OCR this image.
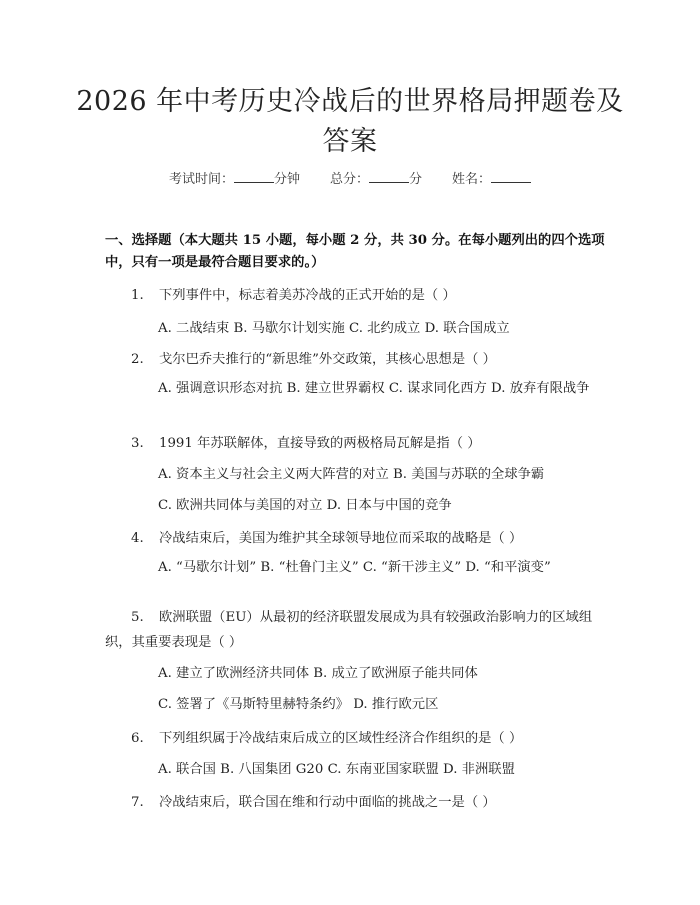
2026 年中考历史冷战后的世界格局押题卷及答案
考试时间：	分钟 总分：	分 姓名：
一、选择题（本大题共 15 小题，每小题 2 分，共 30 分。在每小题列出的四个选项中，只有一项是最符合题目要求的。）
1. 下列事件中，标志着美苏冷战的正式开始的是（ ）
A. 二战结束 B. 马歇尔计划实施 C. 北约成立 D. 联合国成立
2. 戈尔巴乔夫推行的“新思维”外交政策，其核心思想是（ ）
A. 强调意识形态对抗 B. 建立世界霸权 C. 谋求同化西方 D. 放弃有限战争
3. 1991 年苏联解体，直接导致的两极格局瓦解是指（ ）
A. 资本主义与社会主义两大阵营的对立 B. 美国与苏联的全球争霸
C. 欧洲共同体与美国的对立 D. 日本与中国的竞争
4. 冷战结束后，美国为维护其全球领导地位而采取的战略是（ ）
A. “马歇尔计划” B. “杜鲁门主义” C. “新干涉主义” D. “和平演变”
5. 欧洲联盟（EU）从最初的经济联盟发展成为具有较强政治影响力的区域组织，其重要表现是（ ）
A. 建立了欧洲经济共同体 B. 成立了欧洲原子能共同体
C. 签署了《马斯特里赫特条约》 D. 推行欧元区
6. 下列组织属于冷战结束后成立的区域性经济合作组织的是（ ）
A. 联合国 B. 八国集团 G20 C. 东南亚国家联盟 D. 非洲联盟
7. 冷战结束后，联合国在维和行动中面临的挑战之一是（ ）
